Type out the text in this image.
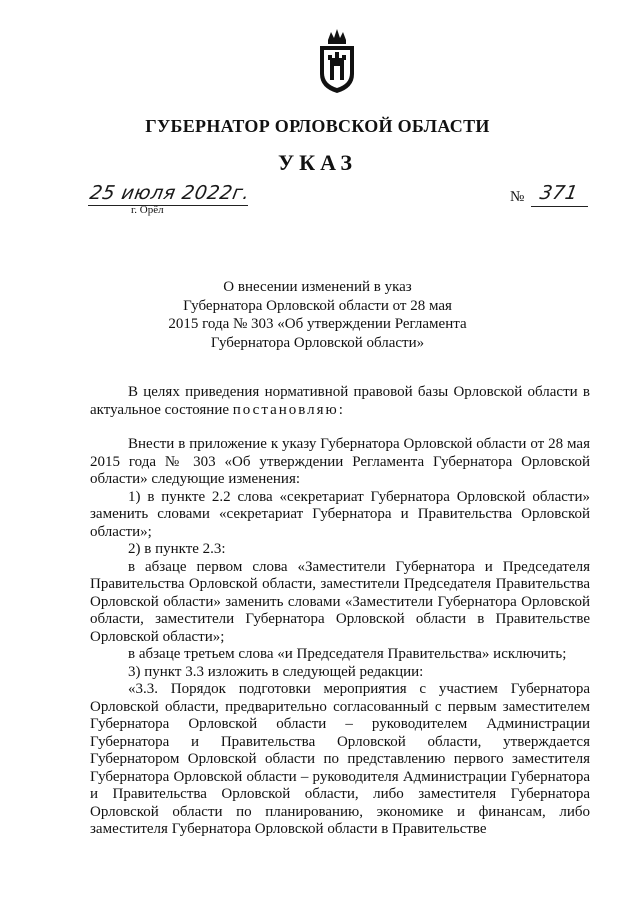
ГУБЕРНАТОР ОРЛОВСКОЙ ОБЛАСТИ
УКАЗ
25 июля 2022г.
г. Орёл
№ 371
О внесении изменений в указ
Губернатора Орловской области от 28 мая
2015 года № 303 «Об утверждении Регламента
Губернатора Орловской области»

В целях приведения нормативной правовой базы Орловской области в актуальное состояние постановляю:

Внести в приложение к указу Губернатора Орловской области от 28 мая 2015 года № 303 «Об утверждении Регламента Губернатора Орловской области» следующие изменения:

1) в пункте 2.2 слова «секретариат Губернатора Орловской области» заменить словами «секретариат Губернатора и Правительства Орловской области»;

2) в пункте 2.3:

в абзаце первом слова «Заместители Губернатора и Председателя Правительства Орловской области, заместители Председателя Правительства Орловской области» заменить словами «Заместители Губернатора Орловской области, заместители Губернатора Орловской области в Правительстве Орловской области»;

в абзаце третьем слова «и Председателя Правительства» исключить;

3) пункт 3.3 изложить в следующей редакции:

«3.3. Порядок подготовки мероприятия с участием Губернатора Орловской области, предварительно согласованный с первым заместителем Губернатора Орловской области – руководителем Администрации Губернатора и Правительства Орловской области, утверждается Губернатором Орловской области по представлению первого заместителя Губернатора Орловской области – руководителя Администрации Губернатора и Правительства Орловской области, либо заместителя Губернатора Орловской области по планированию, экономике и финансам, либо заместителя Губернатора Орловской области в Правительстве
